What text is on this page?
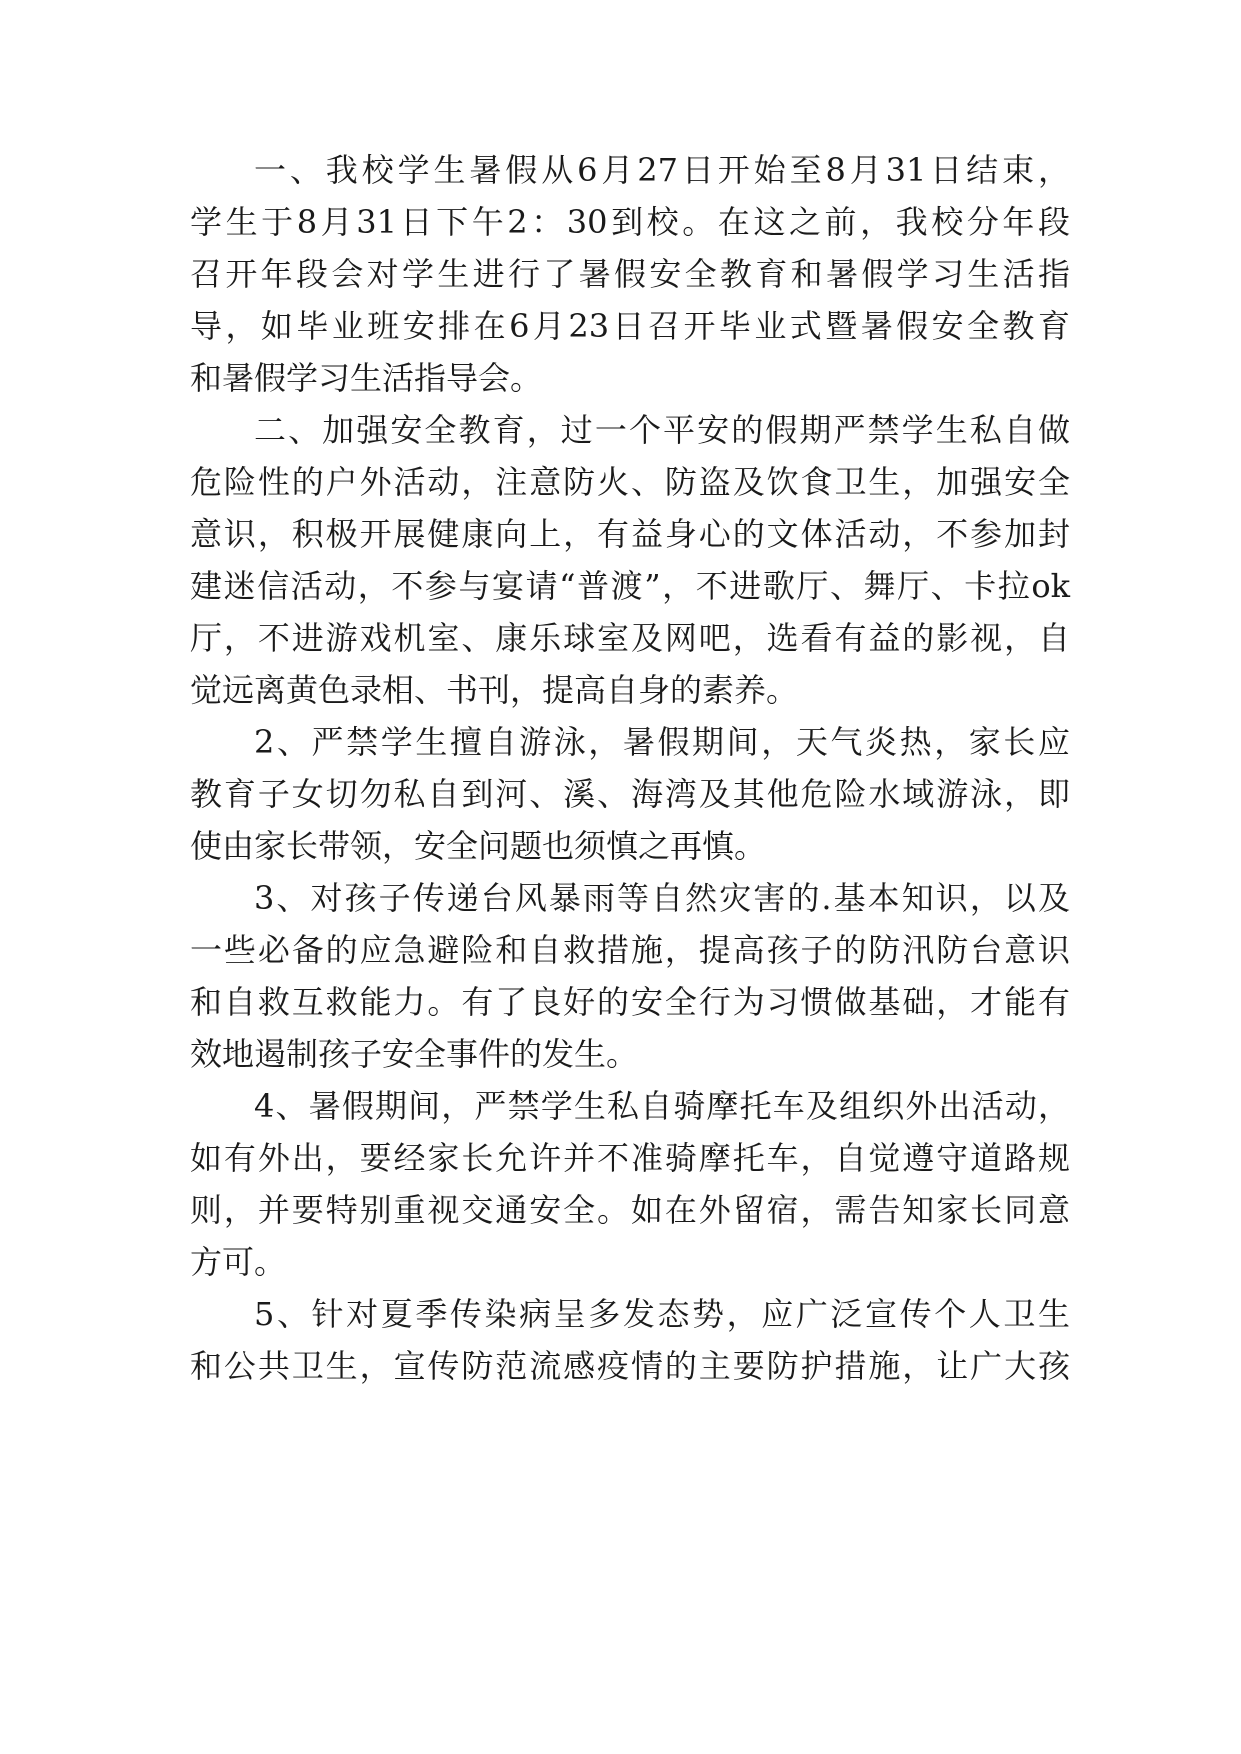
一、我校学生暑假从6月27日开始至8月31日结束，
学生于8月31日下午2：30到校。在这之前，我校分年段
召开年段会对学生进行了暑假安全教育和暑假学习生活指
导，如毕业班安排在6月23日召开毕业式暨暑假安全教育
和暑假学习生活指导会。
二、加强安全教育，过一个平安的假期严禁学生私自做
危险性的户外活动，注意防火、防盗及饮食卫生，加强安全
意识，积极开展健康向上，有益身心的文体活动，不参加封
建迷信活动，不参与宴请“普渡”，不进歌厅、舞厅、卡拉ok
厅，不进游戏机室、康乐球室及网吧，选看有益的影视，自
觉远离黄色录相、书刊，提高自身的素养。
2、严禁学生擅自游泳，暑假期间，天气炎热，家长应
教育子女切勿私自到河、溪、海湾及其他危险水域游泳，即
使由家长带领，安全问题也须慎之再慎。
3、对孩子传递台风暴雨等自然灾害的.基本知识，以及
一些必备的应急避险和自救措施，提高孩子的防汛防台意识
和自救互救能力。有了良好的安全行为习惯做基础，才能有
效地遏制孩子安全事件的发生。
4、暑假期间，严禁学生私自骑摩托车及组织外出活动，
如有外出，要经家长允许并不准骑摩托车，自觉遵守道路规
则，并要特别重视交通安全。如在外留宿，需告知家长同意
方可。
5、针对夏季传染病呈多发态势，应广泛宣传个人卫生
和公共卫生，宣传防范流感疫情的主要防护措施，让广大孩
